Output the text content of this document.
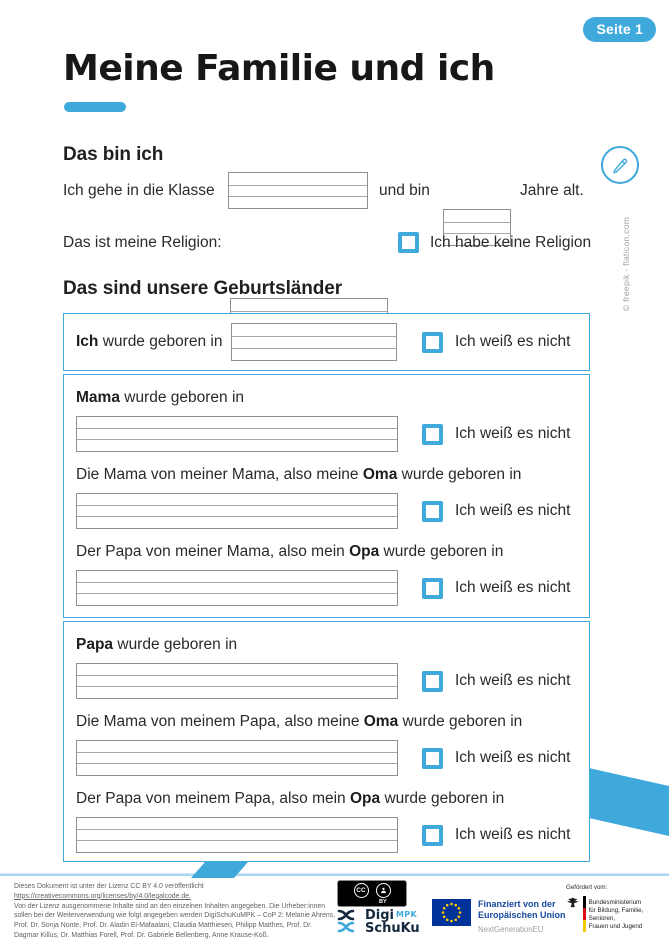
Seite 1
Meine Familie und ich
© freepik - flaticon.com
Das bin ich
Ich gehe in die Klasse	und bin	Jahre alt.
Das ist meine Religion:	Ich habe keine Religion
Das sind unsere Geburtsländer
Ich wurde geboren in	Ich weiß es nicht
Mama wurde geboren in
Ich weiß es nicht
Die Mama von meiner Mama, also meine Oma wurde geboren in
Ich weiß es nicht
Der Papa von meiner Mama, also mein Opa wurde geboren in
Ich weiß es nicht
Papa wurde geboren in
Ich weiß es nicht
Die Mama von meinem Papa, also meine Oma wurde geboren in
Ich weiß es nicht
Der Papa von meinem Papa, also mein Opa wurde geboren in
Ich weiß es nicht
Dieses Dokument ist unter der Lizenz CC BY 4.0 veröffentlicht
https://creativecommons.org/licenses/by/4.0/legalcode.de.
Von der Lizenz ausgenommene Inhalte sind an den einzelnen Inhalten angegeben. Die Urheber:innen sollen bei der Weiterverwendung wie folgt angegeben werden DigiSchuKuMPK – CoP 2: Melanie Ahrens, Prof. Dr. Sonja Nonte, Prof. Dr. Aladin El-Mafaalani, Claudia Matthiesen, Philipp Matthes, Prof. Dr. Dagmar Killus, Dr. Matthias Forell, Prof. Dr. Gabriele Bellenberg, Anne Krause-Koß.
CC
BY
Digi MPK
SchuKu
Finanziert von der
Europäischen Union
NextGenerationEU
Gefördert vom:
Bundesministerium
für Bildung, Familie, Senioren,
Frauen und Jugend
